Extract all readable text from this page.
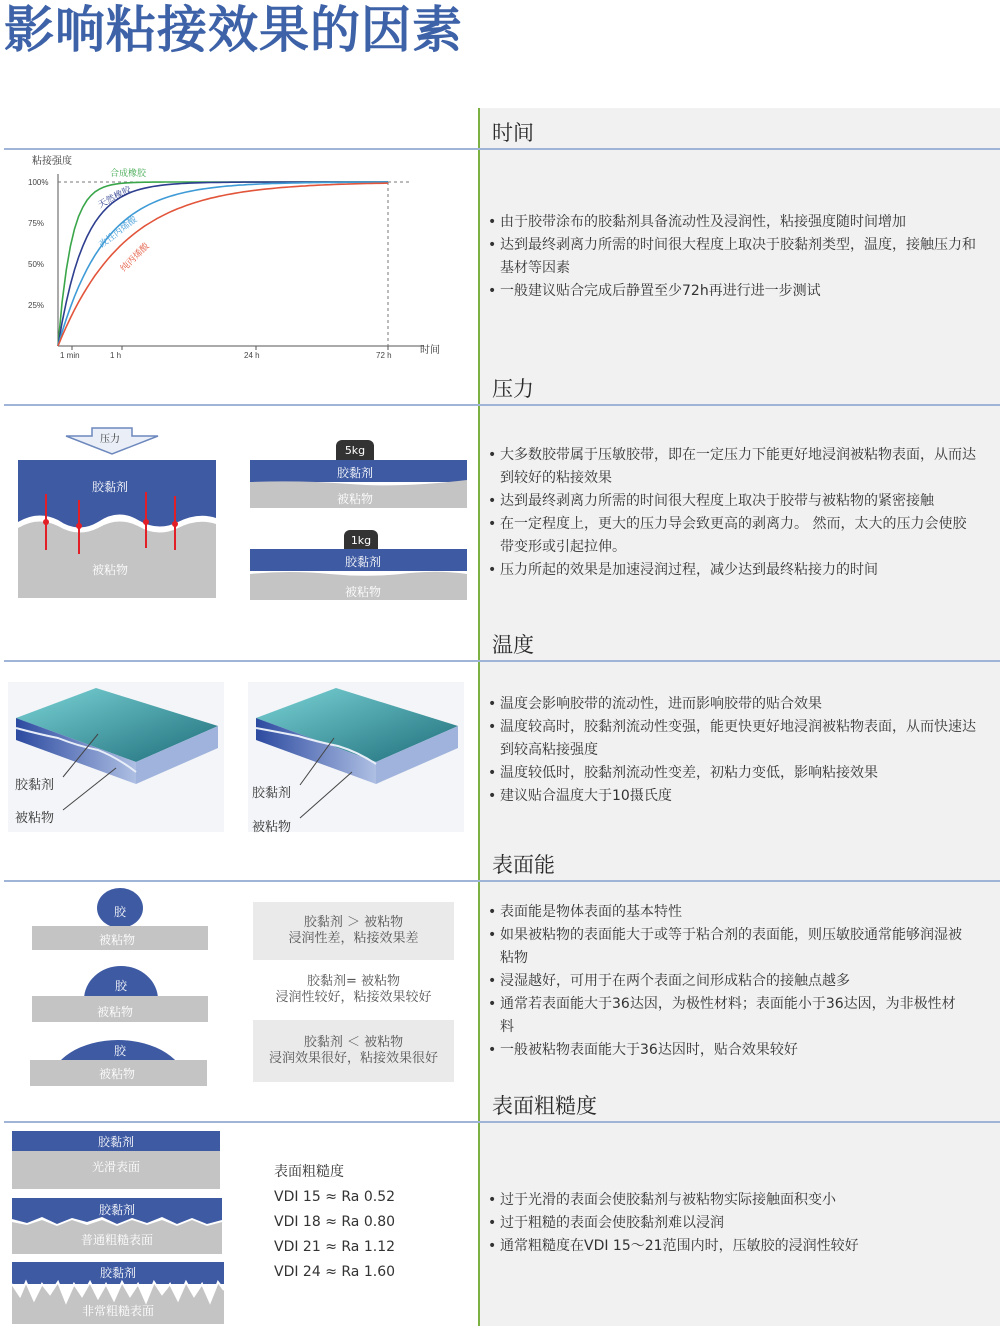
影响粘接效果的因素
时间
粘接强度
时间
25%
50%
75%
100%
1 min	1 h	24 h	72 h
合成橡胶
天然橡胶
改性丙烯酸
纯丙烯酸
• 由于胶带涂布的胶黏剂具备流动性及浸润性，粘接强度随时间增加
• 达到最终剥离力所需的时间很大程度上取决于胶黏剂类型，温度，接触压力和基材等因素
• 一般建议贴合完成后静置至少72h再进行进一步测试
压力
压力
胶黏剂
被粘物
5kg
胶黏剂
被粘物
1kg
胶黏剂
被粘物
• 大多数胶带属于压敏胶带，即在一定压力下能更好地浸润被粘物表面，从而达到较好的粘接效果
• 达到最终剥离力所需的时间很大程度上取决于胶带与被粘物的紧密接触
• 在一定程度上，更大的压力导会致更高的剥离力。 然而，太大的压力会使胶带变形或引起拉伸。
• 压力所起的效果是加速浸润过程，减少达到最终粘接力的时间
温度
胶黏剂
被粘物
胶黏剂
被粘物
• 温度会影响胶带的流动性，进而影响胶带的贴合效果
• 温度较高时，胶黏剂流动性变强，能更快更好地浸润被粘物表面，从而快速达到较高粘接强度
• 温度较低时，胶黏剂流动性变差，初粘力变低，影响粘接效果
• 建议贴合温度大于10摄氏度
表面能
胶
被粘物
胶
被粘物
胶
被粘物
胶黏剂 ＞ 被粘物
浸润性差，粘接效果差
胶黏剂= 被粘物
浸润性较好，粘接效果较好
胶黏剂 ＜ 被粘物
浸润效果很好，粘接效果很好
• 表面能是物体表面的基本特性
• 如果被粘物的表面能大于或等于粘合剂的表面能，则压敏胶通常能够润湿被粘物
• 浸湿越好，可用于在两个表面之间形成粘合的接触点越多
• 通常若表面能大于36达因，为极性材料；表面能小于36达因，为非极性材料
• 一般被粘物表面能大于36达因时，贴合效果较好
表面粗糙度
胶黏剂
光滑表面
胶黏剂
普通粗糙表面
胶黏剂
非常粗糙表面
表面粗糙度
VDI 15 ≈ Ra 0.52
VDI 18 ≈ Ra 0.80
VDI 21 ≈ Ra 1.12
VDI 24 ≈ Ra 1.60
• 过于光滑的表面会使胶黏剂与被粘物实际接触面积变小
• 过于粗糙的表面会使胶黏剂难以浸润
• 通常粗糙度在VDI 15～21范围内时，压敏胶的浸润性较好
